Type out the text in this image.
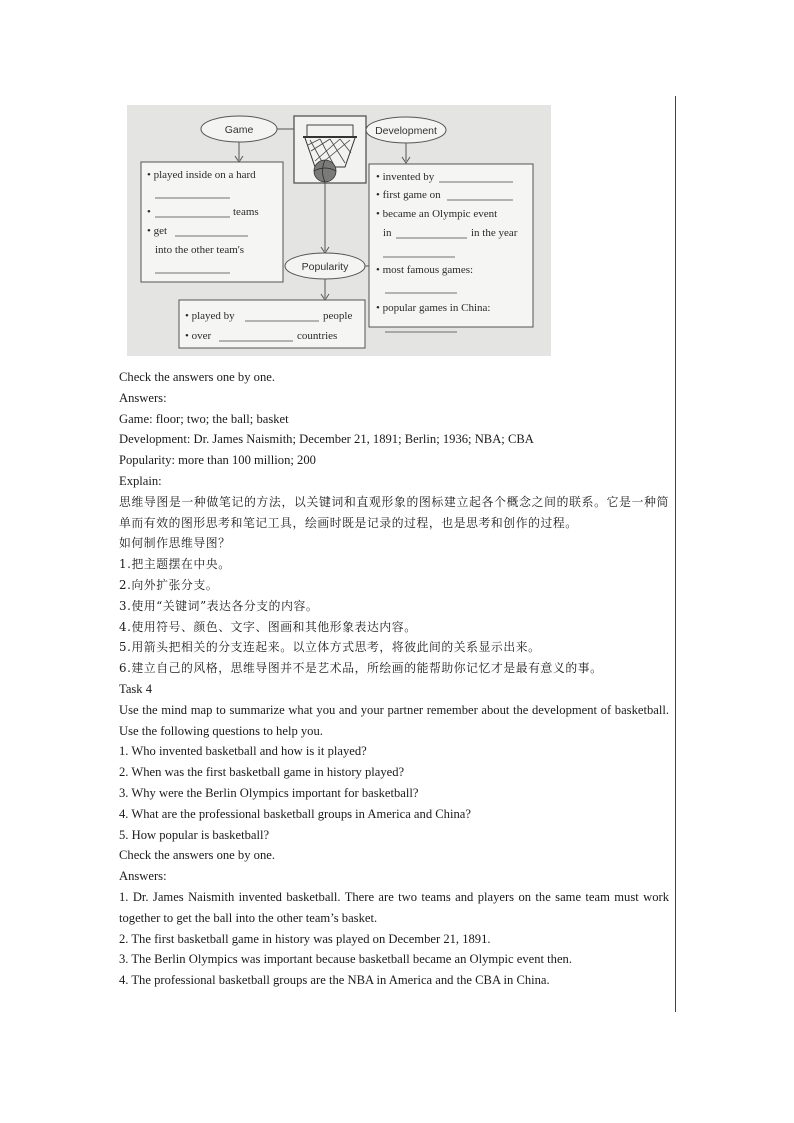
Game	Development
Popularity
• played inside on a hard
•	teams
• get
into the other team's
• invented by
• first game on
• became an Olympic event
in	in the year
• most famous games:
• popular games in China:
• played by	people
• over	countries

Check the answers one by one.

Answers:

Game: floor; two; the ball; basket

Development: Dr. James Naismith; December 21, 1891; Berlin; 1936; NBA; CBA

Popularity: more than 100 million; 200

Explain:

思维导图是一种做笔记的方法，以关键词和直观形象的图标建立起各个概念之间的联系。它是一种简单而有效的图形思考和笔记工具，绘画时既是记录的过程，也是思考和创作的过程。

如何制作思维导图？

1.把主题摆在中央。

2.向外扩张分支。

3.使用“关键词”表达各分支的内容。

4.使用符号、颜色、文字、图画和其他形象表达内容。

5.用箭头把相关的分支连起来。以立体方式思考，将彼此间的关系显示出来。

6.建立自己的风格，思维导图并不是艺术品，所绘画的能帮助你记忆才是最有意义的事。

Task 4

Use the mind map to summarize what you and your partner remember about the development of basketball. Use the following questions to help you.

1. Who invented basketball and how is it played?

2. When was the first basketball game in history played?

3. Why were the Berlin Olympics important for basketball?

4. What are the professional basketball groups in America and China?

5. How popular is basketball?

Check the answers one by one.

Answers:

1. Dr. James Naismith invented basketball. There are two teams and players on the same team must work together to get the ball into the other team’s basket.

2. The first basketball game in history was played on December 21, 1891.

3. The Berlin Olympics was important because basketball became an Olympic event then.

4. The professional basketball groups are the NBA in America and the CBA in China.
